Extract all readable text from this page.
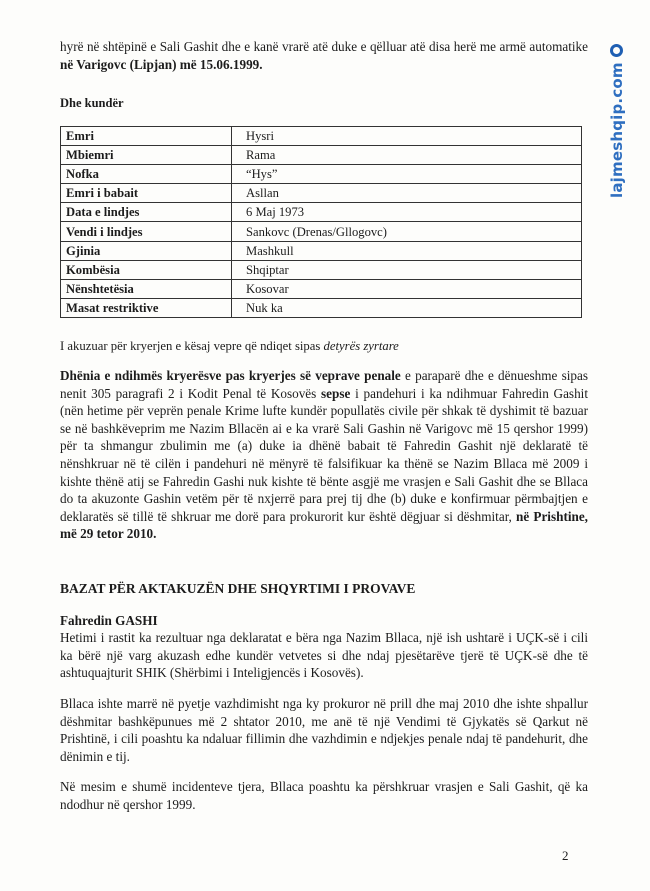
hyrë në shtëpinë e Sali Gashit dhe e kanë vrarë atë duke e qëlluar atë disa herë me armë automatike në Varigovc (Lipjan) më 15.06.1999.

Dhe kundër

Emri	Hysri
Mbiemri	Rama
Nofka	“Hys”
Emri i babait	Asllan
Data e lindjes	6 Maj 1973
Vendi i lindjes	Sankovc (Drenas/Gllogovc)
Gjinia	Mashkull
Kombësia	Shqiptar
Nënshtetësia	Kosovar
Masat restriktive	Nuk ka

I akuzuar për kryerjen e kësaj vepre që ndiqet sipas detyrës zyrtare

Dhënia e ndihmës kryerësve pas kryerjes së veprave penale e paraparë dhe e dënueshme sipas nenit 305 paragrafi 2 i Kodit Penal të Kosovës sepse i pandehuri i ka ndihmuar Fahredin Gashit (nën hetime për veprën penale Krime lufte kundër popullatës civile për shkak të dyshimit të bazuar se në bashkëveprim me Nazim Bllacën ai e ka vrarë Sali Gashin në Varigovc më 15 qershor 1999) për ta shmangur zbulimin me (a) duke ia dhënë babait të Fahredin Gashit një deklaratë të nënshkruar në të cilën i pandehuri në mënyrë të falsifikuar ka thënë se Nazim Bllaca më 2009 i kishte thënë atij se Fahredin Gashi nuk kishte të bënte asgjë me vrasjen e Sali Gashit dhe se Bllaca do ta akuzonte Gashin vetëm për të nxjerrë para prej tij dhe (b) duke e konfirmuar përmbajtjen e deklaratës së tillë të shkruar me dorë para prokurorit kur është dëgjuar si dëshmitar, në Prishtine, më 29 tetor 2010.

BAZAT PËR AKTAKUZËN DHE SHQYRTIMI I PROVAVE

Fahredin GASHI

Hetimi i rastit ka rezultuar nga deklaratat e bëra nga Nazim Bllaca, një ish ushtarë i UÇK-së i cili ka bërë një varg akuzash edhe kundër vetvetes si dhe ndaj pjesëtarëve tjerë të UÇK-së dhe të ashtuquajturit SHIK (Shërbimi i Inteligjencës i Kosovës).

Bllaca ishte marrë në pyetje vazhdimisht nga ky prokuror në prill dhe maj 2010 dhe ishte shpallur dëshmitar bashkëpunues më 2 shtator 2010, me anë të një Vendimi të Gjykatës së Qarkut në Prishtinë, i cili poashtu ka ndaluar fillimin dhe vazhdimin e ndjekjes penale ndaj të pandehurit, dhe dënimin e tij.

Në mesim e shumë incidenteve tjera, Bllaca poashtu ka përshkruar vrasjen e Sali Gashit, që ka ndodhur në qershor 1999.

2
lajmeshqip.com
